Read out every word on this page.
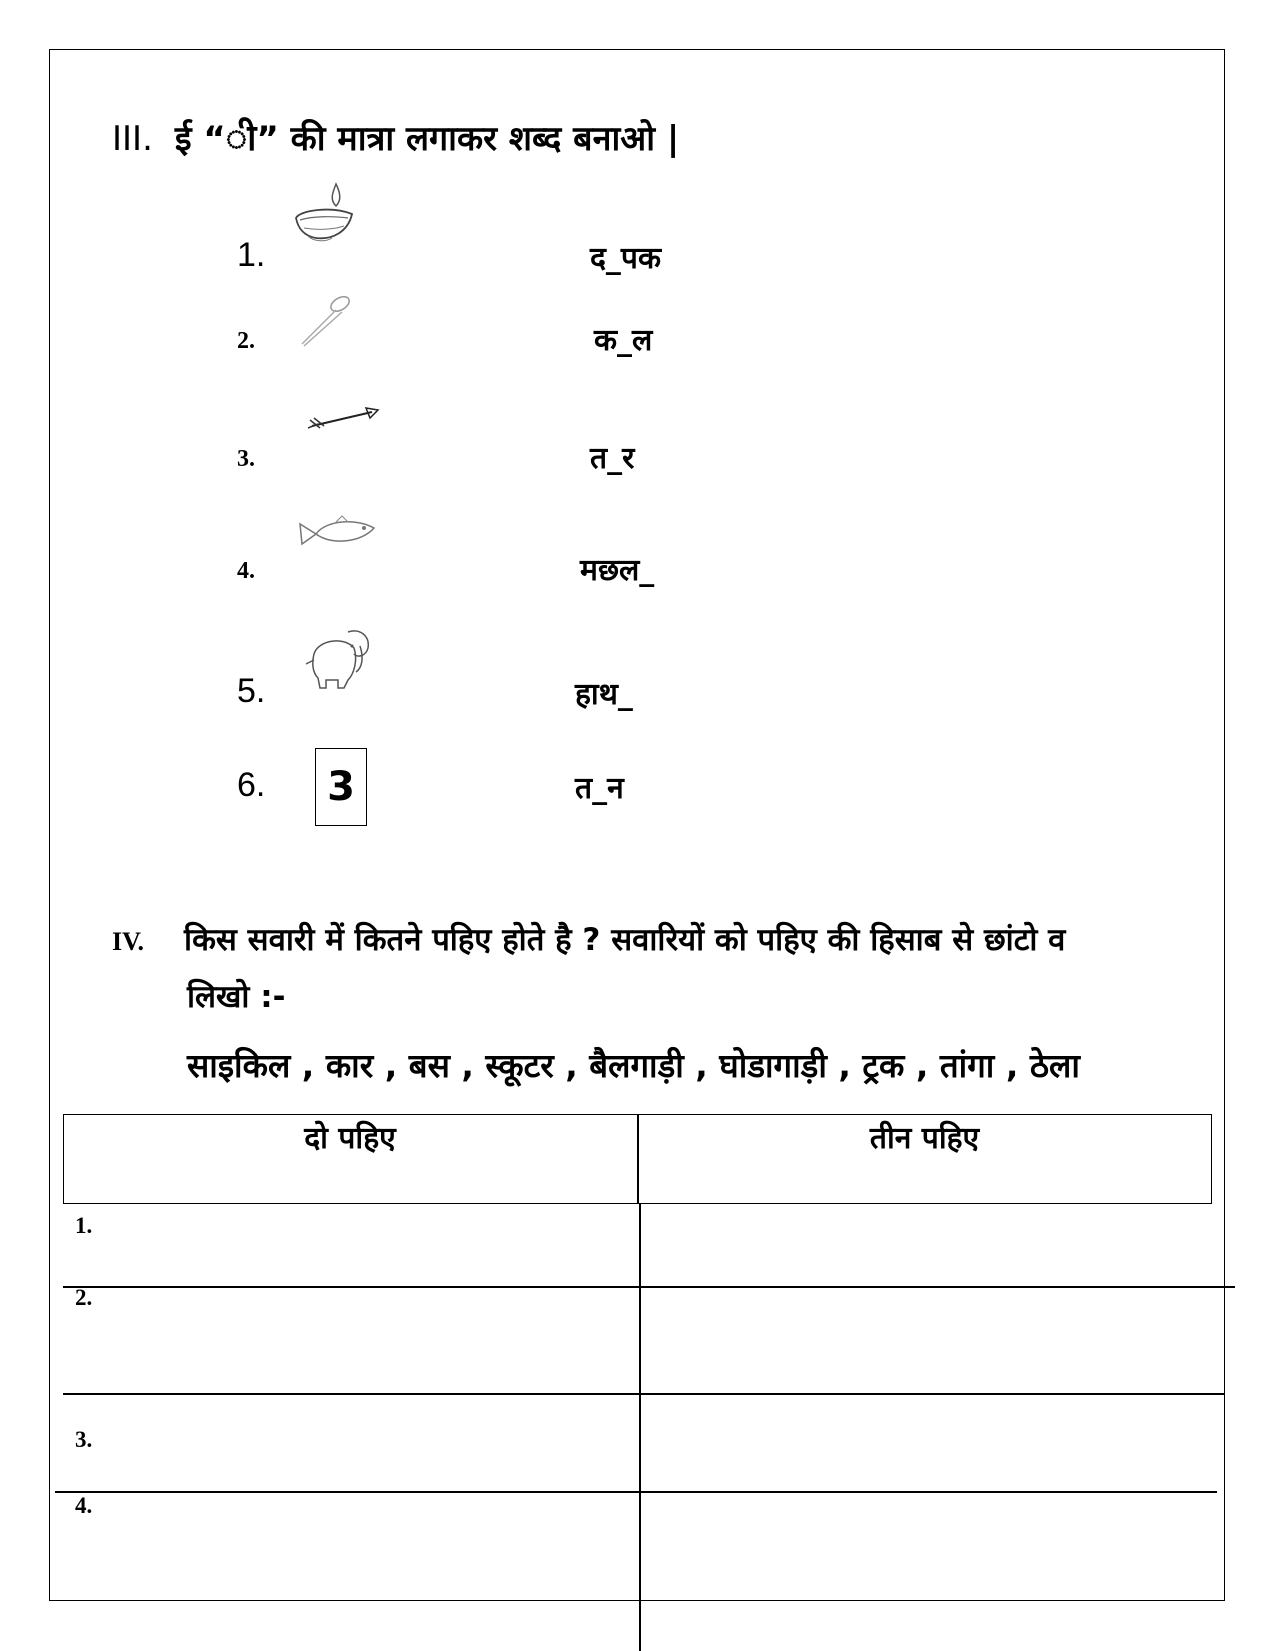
III. ई “ी” की मात्रा लगाकर शब्द बनाओ |
1.	द_पक
2.	क_ल
3.	त_र
4.	मछल_
5.	हाथ_
6.	3	त_न
IV. किस सवारी में कितने पहिए होते है ? सवारियों को पहिए की हिसाब से छांटो व
लिखो :-
साइकिल , कार , बस , स्कूटर , बैलगाड़ी , घोडागाड़ी , ट्रक , तांगा , ठेला
दो पहिए	तीन पहिए
1.
2.
3.
4.
